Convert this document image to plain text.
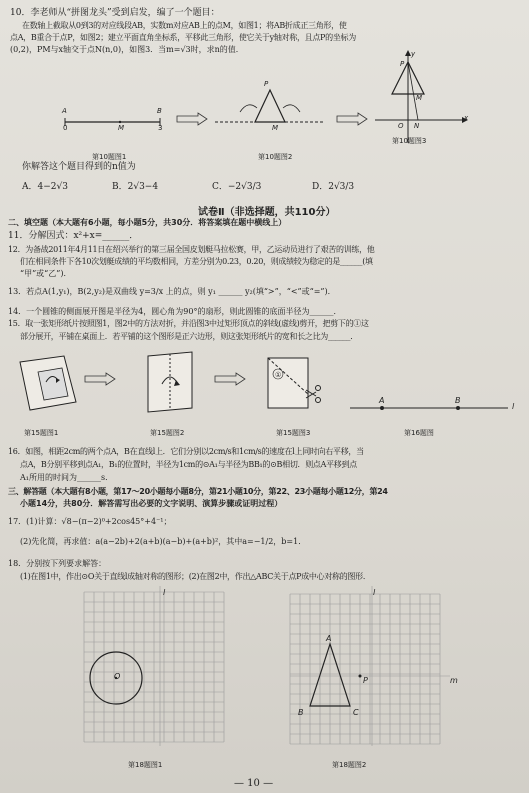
10．李老师从“拼图龙头”受到启发，编了一个题目：
在数轴上截取从0到3的对应线段AB，实数m对应AB上的点M，如图1；将AB折成正三角形，使
点A，B重合于点P，如图2；建立平面直角坐标系，平移此三角形，使它关于y轴对称，且点P的坐标为
(0,2)，PM与x轴交于点N(n,0)，如图3．当m=√3时，求n的值．
A
0	M
B
3
第10题图1
P
M
第10题图2
y
P
M
O N
x
第10题图3
你解答这个题目得到的n值为
A．4−2√3	B．2√3−4	C．−2√3/3	D．2√3/3
试卷Ⅱ（非选择题，共110分）
二、填空题（本大题有6小题，每小题5分，共30分．将答案填在题中横线上）
11．分解因式：x²+x=______．
12．为备战2011年4月11日在绍兴举行的第三届全国皮划艇马拉松赛，甲，乙运动员进行了艰苦的训练，他
们在相同条件下各10次划艇成绩的平均数相同，方差分别为0.23，0.20，则成绩较为稳定的是______(填
“甲”或“乙”)．
13．若点A(1,y₁)，B(2,y₂)是双曲线 y=3/x 上的点，则 y₁ ______ y₂(填“>”，“<”或“=”)．
14．一个圆锥的侧面展开图是半径为4，圆心角为90°的扇形，则此圆锥的底面半径为______．
15．取一张矩形纸片按照图1，图2中的方法对折，并沿图3中过矩形顶点的斜线(虚线)剪开，把剪下的①这
部分展开，平铺在桌面上．若平铺的这个图形是正六边形，则这张矩形纸片的宽和长之比为______．
第15题图1	第15题图2
①
第15题图3
A	B
l
第16题图
16．如图，相距2cm的两个点A，B在直线l上．它们分别以2cm/s和1cm/s的速度在l上同时向右平移，当
点A，B分别平移到点A₁，B₁的位置时，半径为1cm的⊙A₁与半径为BB₁的⊙B相切．则点A平移到点
A₁所用的时间为______s．
三、解答题（本大题有8小题，第17～20小题每小题8分，第21小题10分，第22、23小题每小题12分，第24
小题14分，共80分．解答需写出必要的文字说明、演算步骤或证明过程）
17．(1)计算：√8−(π−2)⁰+2cos45°+4⁻¹；
(2)先化简，再求值：a(a−2b)+2(a+b)(a−b)+(a+b)²，其中a=−1/2，b=1．
18．分别按下列要求解答：
(1)在图1中，作出⊙O关于直线l成轴对称的图形；(2)在图2中，作出△ABC关于点P成中心对称的图形．
l
O
第18题图1
l
m
A
B	C
P
第18题图2
— 10 —
